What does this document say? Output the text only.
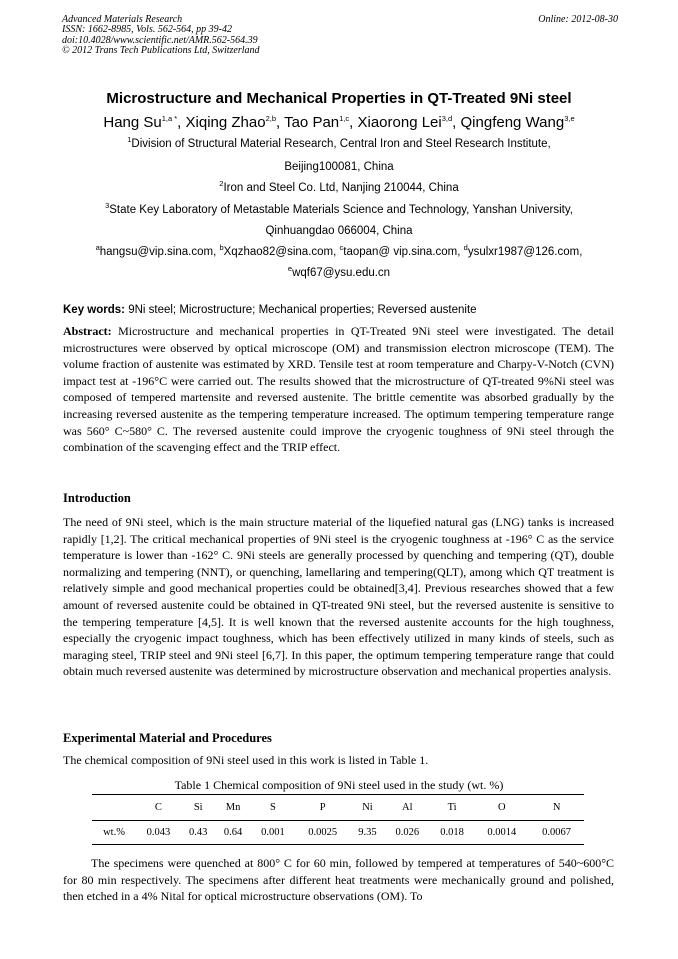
Advanced Materials Research
ISSN: 1662-8985, Vols. 562-564, pp 39-42
doi:10.4028/www.scientific.net/AMR.562-564.39
© 2012 Trans Tech Publications Ltd, Switzerland
Online: 2012-08-30
Microstructure and Mechanical Properties in QT-Treated 9Ni steel
Hang $Su^{1,a *}$, Xiqing Zhao$^{2,b}$, Tao Pan$^{1,c}$, Xiaorong Lei$^{3,d}$, Qingfeng Wang$^{3,e}$
$^1$Division of Structural Material Research, Central Iron and Steel Research Institute,
Beijing100081, China
$^2$Iron and Steel Co. Ltd, Nanjing 210044, China
$^3$State Key Laboratory of Metastable Materials Science and Technology, Yanshan University,
Qinhuangdao 066004, China
$^a$hangsu@vip.sina.com, $^b$Xqzhao82@sina.com, $^c$taopan@ vip.sina.com, $^d$ysulxr1987@126.com,
$^e$wqf67@ysu.edu.cn
Key words: 9Ni steel; Microstructure; Mechanical properties; Reversed austenite
Abstract: Microstructure and mechanical properties in QT-Treated 9Ni steel were investigated. The detail microstructures were observed by optical microscope (OM) and transmission electron microscope (TEM). The volume fraction of austenite was estimated by XRD. Tensile test at room temperature and Charpy-V-Notch (CVN) impact test at -196°C were carried out. The results showed that the microstructure of QT-treated 9%Ni steel was composed of tempered martensite and reversed austenite. The brittle cementite was absorbed gradually by the increasing reversed austenite as the tempering temperature increased. The optimum tempering temperature range was 560° C~580° C. The reversed austenite could improve the cryogenic toughness of 9Ni steel through the combination of the scavenging effect and the TRIP effect.
Introduction
The need of 9Ni steel, which is the main structure material of the liquefied natural gas (LNG) tanks is increased rapidly [1,2]. The critical mechanical properties of 9Ni steel is the cryogenic toughness at -196° C as the service temperature is lower than -162° C. 9Ni steels are generally processed by quenching and tempering (QT), double normalizing and tempering (NNT), or quenching, lamellaring and tempering(QLT), among which QT treatment is relatively simple and good mechanical properties could be obtained[3,4]. Previous researches showed that a few amount of reversed austenite could be obtained in QT-treated 9Ni steel, but the reversed austenite is sensitive to the tempering temperature [4,5]. It is well known that the reversed austenite accounts for the high toughness, especially the cryogenic impact toughness, which has been effectively utilized in many kinds of steels, such as maraging steel, TRIP steel and 9Ni steel [6,7]. In this paper, the optimum tempering temperature range that could obtain much reversed austenite was determined by microstructure observation and mechanical properties analysis.
Experimental Material and Procedures
The chemical composition of 9Ni steel used in this work is listed in Table 1.
Table 1 Chemical composition of 9Ni steel used in the study (wt. %)
	C	Si	Mn	S	P	Ni	Al	Ti	O	N
wt.%	0.043	0.43	0.64	0.001	0.0025	9.35	0.026	0.018	0.0014	0.0067
The specimens were quenched at 800° C for 60 min, followed by tempered at temperatures of 540~600°C for 80 min respectively. The specimens after different heat treatments were mechanically ground and polished, then etched in a 4% Nital for optical microstructure observations (OM). To
